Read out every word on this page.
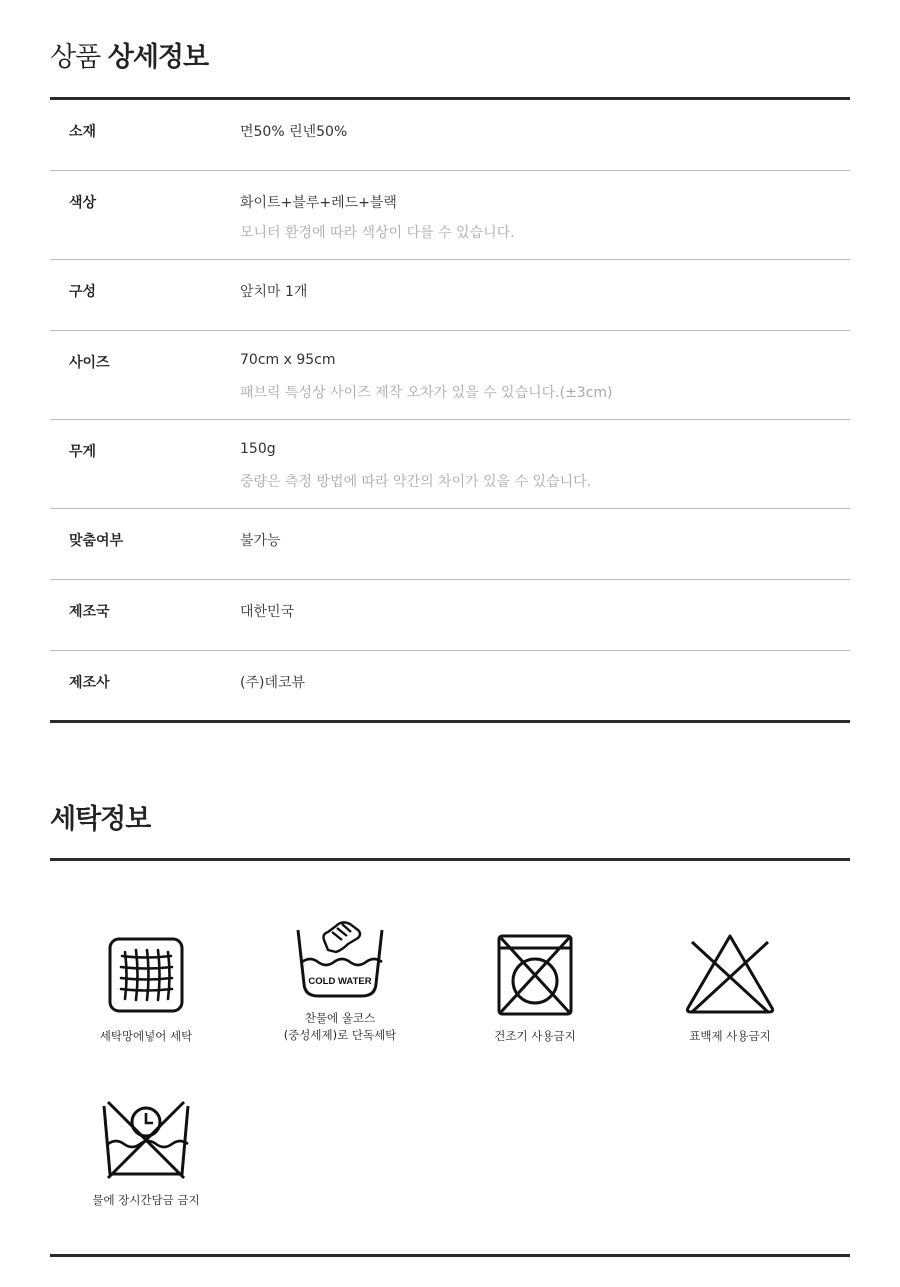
상품 상세정보
소재	면50% 린넨50%
색상	화이트+블루+레드+블랙
모니터 환경에 따라 색상이 다를 수 있습니다.
구성	앞치마 1개
사이즈	70cm x 95cm
패브릭 특성상 사이즈 제작 오차가 있을 수 있습니다.(±3cm)
무게	150g
중량은 측정 방법에 따라 약간의 차이가 있을 수 있습니다.
맞춤여부	불가능
제조국	대한민국
제조사	(주)데코뷰
세탁정보
세탁망에넣어 세탁
COLD WATER
찬물에 울코스
(중성세제)로 단독세탁	건조기 사용금지	표백제 사용금지
물에 장시간담금 금지
